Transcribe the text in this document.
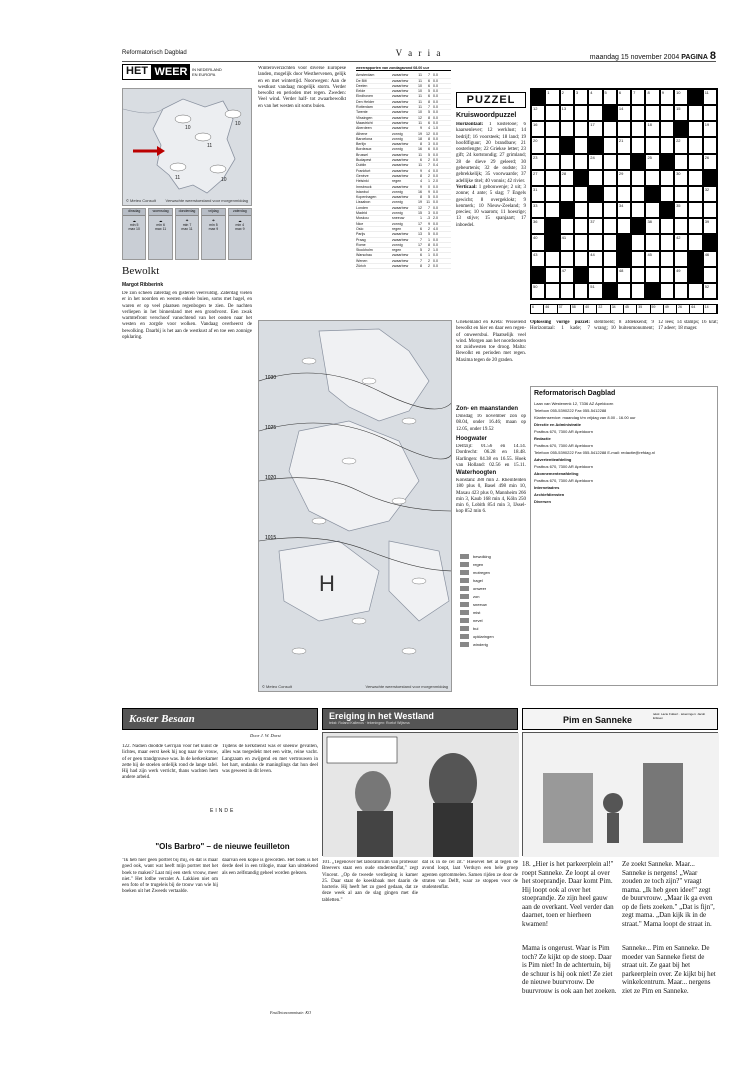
Reformatorisch Dagblad	V a r i a	maandag 15 november 2004 PAGINA 8
HET WEER	IN NEDERLAND
EN EUROPA
10
11
11	10
10
© Meteo Consult Verwachte weerstoestand voor morgenmiddag
dinsdag
☁
min 5
max 10
woensdag
☁
min 6
max 11
donderdag
☂
min 7
max 11
vrijdag
☂
min 5
max 9
zaterdag
☁
min 4
max 9
Bewolkt
Margot Ribberink
De zon scheen zaterdag en gisteren veelvuldig. Zaterdag vielen er in het noorden en westen enkele buien, soms met hagel, en waren er op veel plaatsen regenbogen te zien. De nachten verliepen in het binnenland met een grondvorst. Een zwak warmtefront verschoof vanochtend van het oosten naar het westen en zorgde voor wolken. Vandaag overheerst de bewolking. Daarbij is het aan de westkust af en toe een zonnige opklaring.
Winteroverzichten voor diverse Europese landen, mogelijk door Westhervenen, gelijk en en met wintertijd. Noorwegen: Aan de westkust vandaag mogelijk storm. Verder bewolkt en perioden met regen. Zweden: Veel wind. Verder half- tot zwaarbewolkt en van het westen uit soms buien.
weerrapporten van zondagavond 08.00 uur
Amsterdam	zwaarbew	11	7 0.0
De Bilt	zwaarbew	11	6 0.0
Deelen	zwaarbew	10	6 0.0
Eelde	zwaarbew	10	5 0.0
Eindhoven	zwaarbew	11	6 0.0
Den Helder	zwaarbew	11	8 0.0
Rotterdam	zwaarbew	11	7 0.0
Twente	zwaarbew	10	5 0.0
Vlissingen	zwaarbew	12	8 0.0
Maastricht	zwaarbew	11	6 0.0
Aberdeen	zwaarbew	9	4 1.0
Athene	zonnig	19	12 0.0
Barcelona	zonnig	18	8 0.0
Berlijn	zwaarbew	8	3 0.0
Bordeaux	zonnig	16	6 0.0
Brussel	zwaarbew	11	5 0.0
Budapest	zwaarbew	6	2 0.0
Dublin	zwaarbew	11	7 0.4
Frankfurt	zwaarbew	9	4 0.0
Genève	zwaarbew	8	2 0.0
Helsinki	regen	4	1 2.0
Innsbruck	zwaarbew	9	0 0.0
Istanbul	zonnig	16	9 0.0
Kopenhagen	zwaarbew	8	5 0.0
Lissabon	zonnig	19	11 0.0
Londen	zwaarbew	12	7 0.0
Madrid	zonnig	15	3 0.0
Moskou	sneeuw	1	-3 2.0
Nice	zonnig	17	9 0.0
Oslo	regen	6	2 4.0
Parijs	zwaarbew	13	5 0.0
Praag	zwaarbew	7	1 0.0
Rome	zonnig	17	8 0.0
Stockholm	regen	5	2 1.0
Warschau	zwaarbew	6	1 0.0
Wenen	zwaarbew	7	2 0.0
Zürich	zwaarbew	8	2 0.0
1030
1025
1020
1015
H
© Meteo Consult	Verwachte weerstoestand voor morgenmiddag
Griekenland en Kreta: Wisselend bewolkt en hier en daar een regen- of onweersbui. Plaatselijk veel wind. Morgen aan het noordoosten tot zuidwesten toe droog. Malta: Bewolkt en perioden met regen. Maxima tegen de 20 graden.
Zon- en maanstanden
Dinsdag 16 november zon op 08.04, onder 16.46; maan op 12.05, onder 19.52
Hoogwater
Delfzijl: 01.56 en 14.14. Dordrecht: 06.28 en 18.48. Harlingen: 04.38 en 16.55. Hoek van Holland: 02.56 en 15.11.
Waterhoogten
Konstanz 380 min 2. Rheinfelden 180 plus 0, Basel 498 min 10, Maxau 423 plus 0, Mannheim 266 min 3, Kaub 168 min 4, Köln 250 min 6, Lobith 854 min 3, IJssel-kop 852 min 6.
bewolking
regen
motregen
hagel
onweer
zon
sneeuw
mist
nevel
bui
opklaringen
winderig
PUZZEL
Kruiswoordpuzzel
Horizontaal: 1 kostelooe; 6 kaarsenlever; 12 werklust; 14 bedrijf; 16 voorsteek; 18 land; 19 hoofdfiguur; 20 brandbare; 21 oosterlengte; 22 Griekse letter; 23 gift; 24 kortstondig; 27 grimland; 28 de dieve 29 geleerd; 30 gebeurtenis; 32 de oudste; 33 gebrekkelijk; 35 voorwaarde; 37 adellijke titel; 40 vonnis; 42 rivier.
Verticaal: 1 gebouwenje; 2 uit; 3 zonne; 4 ante; 5 slag; 7 Engels gewicht; 8 overgeklokt; 9 kenmerk; 10 Nieuw-Zeeland; 9 precies; 10 waarom; 11 hoesrige; 13 stijve; 15 spanjaart; 17 inboedel.
1	2	3	4	5	6	7	8	9	10	11
12	13	14	15
16	17	18	19
20	21	22
23	24	25	26
27	28	29	30
31	32
33	34	35
36	37	38	39
40	41	42
43	44	45	46
47	48	49
50	51	52
6	46	37	58	40	22	34	45	35	59	49	26	64	14
Oplossing vorige puzzel: Horizontaal: 1 kade; 7 stemtoeld; 8 afdekkend; 9 wrang; 10 buitenmonument; 12 lees; 14 stamps; 16 krat; 17 adeer; 18 mager.
Reformatorisch Dagblad
Laan van Westenenk 12, 7336 AZ Apeldoorn
Telefoon 055-5390222 Fax 055-5412288
Klantenservice: maandag t/m vrijdag van 8.00 - 16.00 uur
Directie en Administratie
Postbus 670, 7300 AR Apeldoorn
Redactie
Postbus 670, 7300 AR Apeldoorn
Telefoon 055-5390222 Fax 055-5412288 E-mail: redactie@refdag.nl
Advertentieafdeling
Postbus 670, 7300 AR Apeldoorn
Abonnementenafdeling
Postbus 670, 7300 AR Apeldoorn
Internetadres
Archiefdiensten
Diversen
Koster Besaan
Door J. W. Dorst
122. Nadien doodde Gerrijan voor het kunst de lichtes, maar eerst keek hij nog naar de vrouw, of er geen trandgrouwe was. In de kerkenkamer zette hij de stoelen ordelijk rond de lange tafel. Hij had zijn werk verricht, thans wachten hem andere arbeid.
Tijdens de kerkdienst was er sneeuw gevallen, alles was toegedekt met een witte, reine vacht. Langzaam en zwijgend en met vertrouwen in het hart, ondanks de maninglings dat hun deel was geweest in dit leven.
EINDE
"Ols Barbro" – de nieuwe feuilleton
"Ik heb hier geen portret bij mij, en dat is maar goed ook, want wat heeft mijn portret met het boek te maken? Laat mij een sterk vrouw, meer niet." Het lotlbe verralet A. Lakkien niet om een foto of te trugeleis bij de trouw van wie hij boeken uit het Zweeds vertaalde.
daarvan een kopie is geworden. Het boek is het derde deel in een trilogie, maar kan uitstekend als een zelfstandig geheel worden gelezen.
Feuilletoncommissie: KO
Ereiging in het Westland
tekst: Roland Kallenos · tekeningen: Roelof Wijtsma
101. „Tegenover het laboratorium van professor Breevers staat een oude studentenflat," zegt Vincent. „Op de tweede verdieping is kamer 25. Daar staat de koeskbaak met daarin de bacterie. Hij heeft het zo goed gedaan, dat ze deze week al aan de slag gingen met die tabletten."
dat ik in de cel zit." Hiesevel het al tegen de avond loopt, laat Verduyn een hele groep agenten optrommelen. Samen rijden ze door de straten van Delft, waar ze stoppen voor de studentenflat.
Pim en Sanneke
tekst: Lacie Folkert · tekeningen: Jacob Eriksen
18. „Hier is het parkeerplein al!" roept Sanneke. Ze loopt al over het stoeprandje. Daar komt Pim. Hij loopt ook al over het stoeprandje. Ze zijn heel gauw aan de overkant. Veel verder dan daarnet, toen er hierheen kwamen!
Mama is ongerust. Waar is Pim toch? Ze kijkt op de stoep. Daar is Pim niet! In de achtertuin, bij de schuur is hij ook niet! Ze ziet de nieuwe buurvrouw. De buurvrouw is ook aan het zoeken.
Ze zoekt Sanneke. Maar... Sanneke is nergens! „Waar zouden ze toch zijn?" vraagt mama. „Ik heb geen idee!" zegt de buurvrouw. „Maar ik ga even op de fiets zoeken." „Dat is fijn", zegt mama. „Dan kijk ik in de straat." Mama loopt de straat in.
Sanneke... Pim en Sanneke. De moeder van Sanneke fietst de straat uit. Ze gaat bij het parkeerplein over. Ze kijkt bij het winkelcentrum. Maar... nergens ziet ze Pim en Sanneke.
